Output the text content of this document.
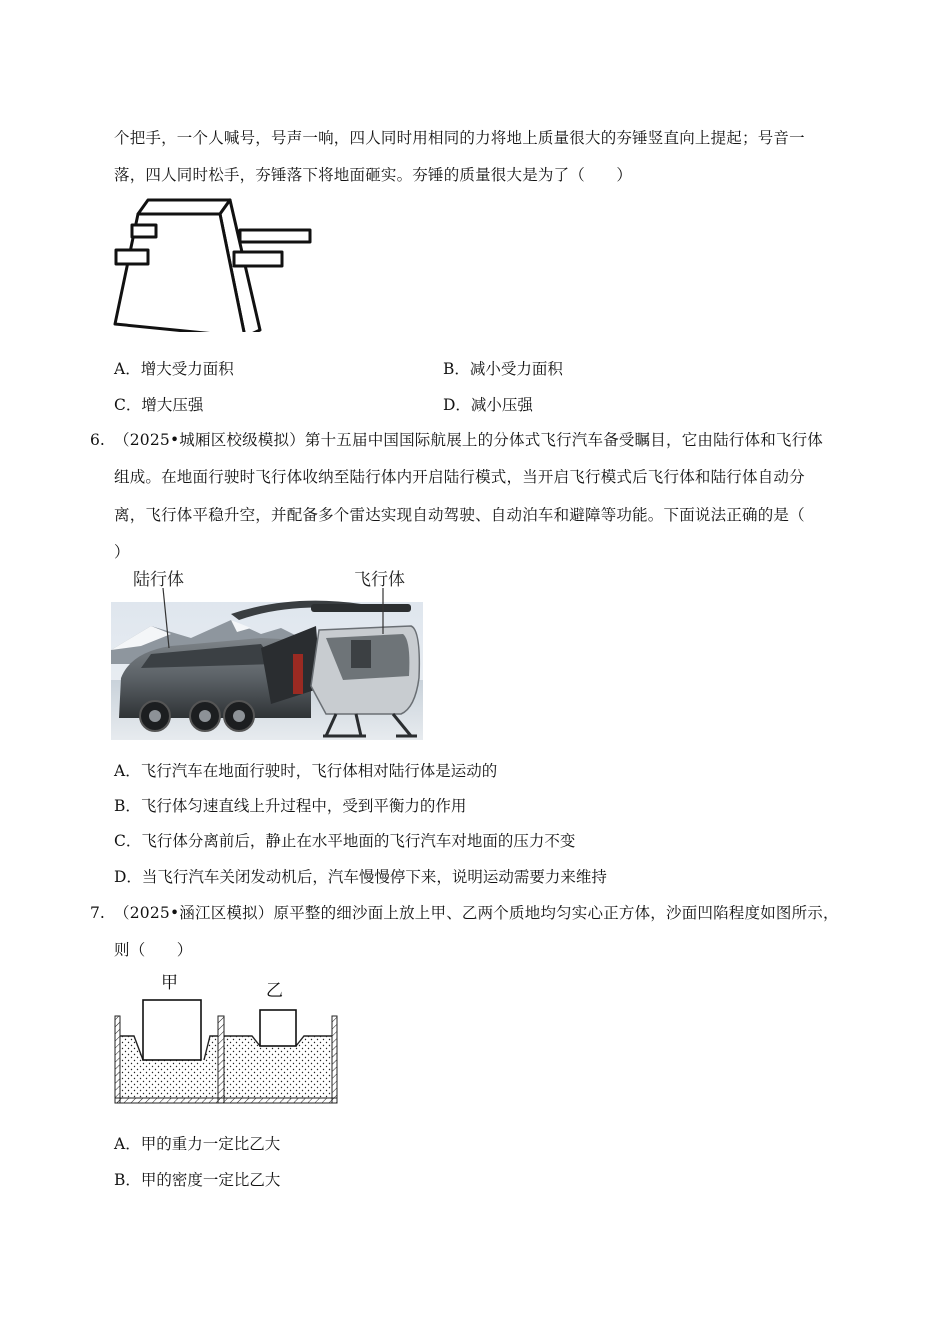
个把手，一个人喊号，号声一响，四人同时用相同的力将地上质量很大的夯锤竖直向上提起；号音一
落，四人同时松手，夯锤落下将地面砸实。夯锤的质量很大是为了（　　）
A．增大受力面积	B．减小受力面积
C．增大压强	D．减小压强
6. （2025•城厢区校级模拟）第十五届中国国际航展上的分体式飞行汽车备受瞩目，它由陆行体和飞行体
组成。在地面行驶时飞行体收纳至陆行体内开启陆行模式，当开启飞行模式后飞行体和陆行体自动分
离，飞行体平稳升空，并配备多个雷达实现自动驾驶、自动泊车和避障等功能。下面说法正确的是（
）
陆行体	飞行体
A．飞行汽车在地面行驶时，飞行体相对陆行体是运动的
B．飞行体匀速直线上升过程中，受到平衡力的作用
C．飞行体分离前后，静止在水平地面的飞行汽车对地面的压力不变
D．当飞行汽车关闭发动机后，汽车慢慢停下来，说明运动需要力来维持
7. （2025•涵江区模拟）原平整的细沙面上放上甲、乙两个质地均匀实心正方体，沙面凹陷程度如图所示，
则（　　）
甲	乙
A．甲的重力一定比乙大
B．甲的密度一定比乙大
